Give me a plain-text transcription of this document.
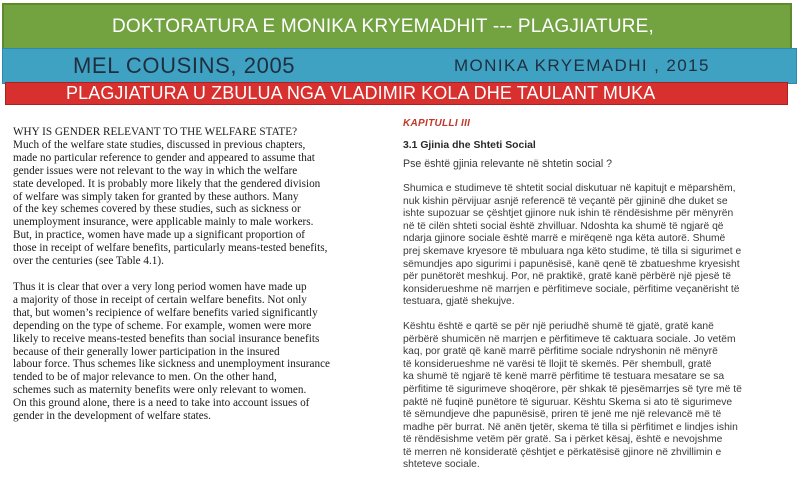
DOKTORATURA E MONIKA KRYEMADHIT --- PLAGJIATURE,
MEL COUSINS, 2005	MONIKA KRYEMADHI , 2015
PLAGJIATURA U ZBULUA NGA VLADIMIR KOLA DHE TAULANT MUKA
WHY IS GENDER RELEVANT TO THE WELFARE STATE?
Much of the welfare state studies, discussed in previous chapters,
made no particular reference to gender and appeared to assume that
gender issues were not relevant to the way in which the welfare
state developed. It is probably more likely that the gendered division
of welfare was simply taken for granted by these authors. Many
of the key schemes covered by these studies, such as sickness or
unemployment insurance, were applicable mainly to male workers.
But, in practice, women have made up a significant proportion of
those in receipt of welfare benefits, particularly means-tested benefits,
over the centuries (see Table 4.1).
Thus it is clear that over a very long period women have made up
a majority of those in receipt of certain welfare benefits. Not only
that, but women’s recipience of welfare benefits varied significantly
depending on the type of scheme. For example, women were more
likely to receive means-tested benefits than social insurance benefits
because of their generally lower participation in the insured
labour force. Thus schemes like sickness and unemployment insurance
tended to be of major relevance to men. On the other hand,
schemes such as maternity benefits were only relevant to women.
On this ground alone, there is a need to take into account issues of
gender in the development of welfare states.
KAPITULLI III
3.1 Gjinia dhe Shteti Social
Pse është gjinia relevante në shtetin social ?
Shumica e studimeve të shtetit social diskutuar në kapitujt e mëparshëm,
nuk kishin përvijuar asnjë referencë të veçantë për gjininë dhe duket se
ishte supozuar se çështjet gjinore nuk ishin të rëndësishme për mënyrën
në të cilën shteti social është zhvilluar. Ndoshta ka shumë të ngjarë që
ndarja gjinore sociale është marrë e mirëqenë nga këta autorë. Shumë
prej skemave kryesore të mbuluara nga këto studime, të tilla si sigurimet e
sëmundjes apo sigurimi i papunësisë, kanë qenë të zbatueshme kryesisht
për punëtorët meshkuj. Por, në praktikë, gratë kanë përbërë një pjesë të
konsiderueshme në marrjen e përfitimeve sociale, përfitime veçanërisht të
testuara, gjatë shekujve.
Kështu është e qartë se për një periudhë shumë të gjatë, gratë kanë
përbërë shumicën në marrjen e përfitimeve të caktuara sociale. Jo vetëm
kaq, por gratë që kanë marrë përfitime sociale ndryshonin në mënyrë
të konsiderueshme në varësi të llojit të skemës. Për shembull, gratë
ka shumë të ngjarë të kenë marrë përfitime të testuara mesatare se sa
përfitime të sigurimeve shoqërore, për shkak të pjesëmarrjes së tyre më të
paktë në fuqinë punëtore të siguruar. Kështu Skema si ato të sigurimeve
të sëmundjeve dhe papunësisë, priren të jenë me një relevancë më të
madhe për burrat. Në anën tjetër, skema të tilla si përfitimet e lindjes ishin
të rëndësishme vetëm për gratë. Sa i përket kësaj, është e nevojshme
të merren në konsideratë çështjet e përkatësisë gjinore në zhvillimin e
shteteve sociale.
